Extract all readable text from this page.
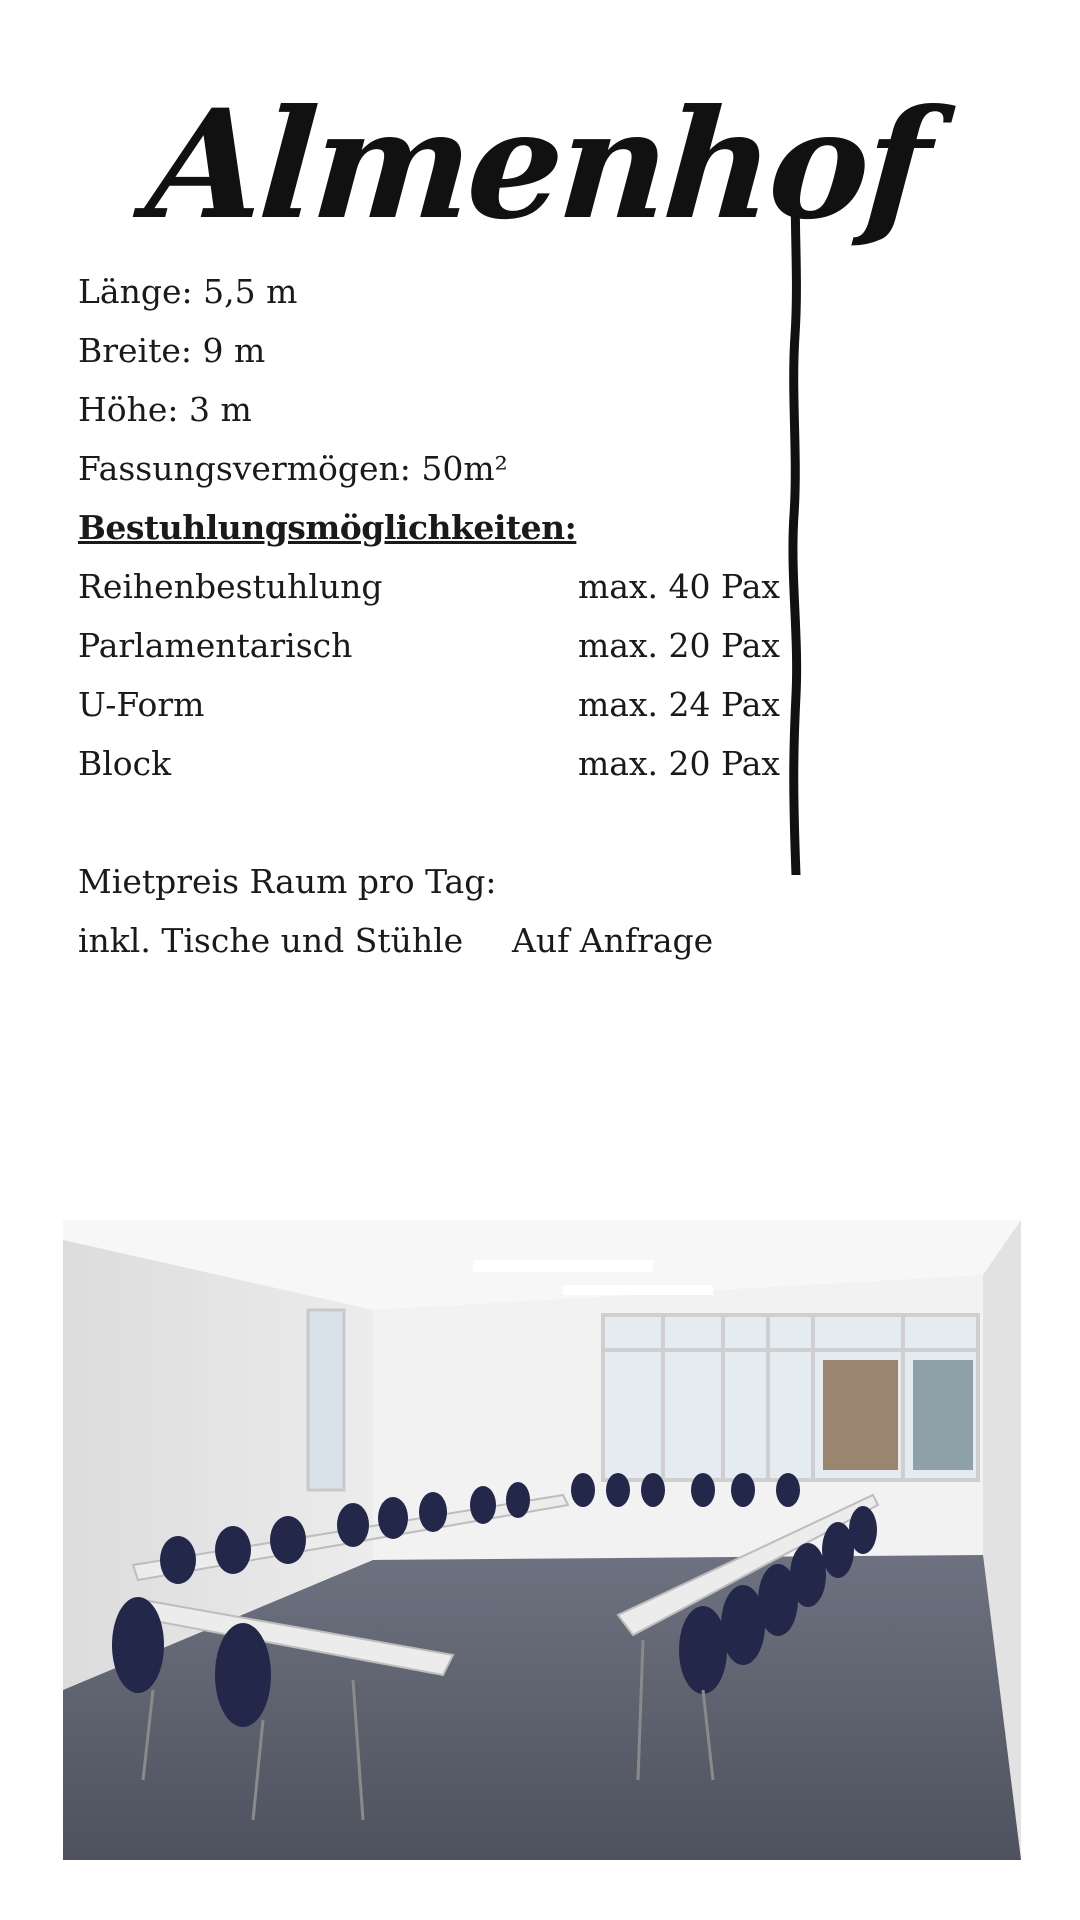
Almenhof
Länge: 5,5 m
Breite: 9 m
Höhe: 3 m
Fassungsvermögen: 50m²
Bestuhlungsmöglichkeiten:
Reihenbestuhlung	max. 40 Pax
Parlamentarisch	max. 20 Pax
U-Form	max. 24 Pax
Block	max. 20 Pax
Mietpreis Raum pro Tag:
inkl. Tische und Stühle Auf Anfrage
